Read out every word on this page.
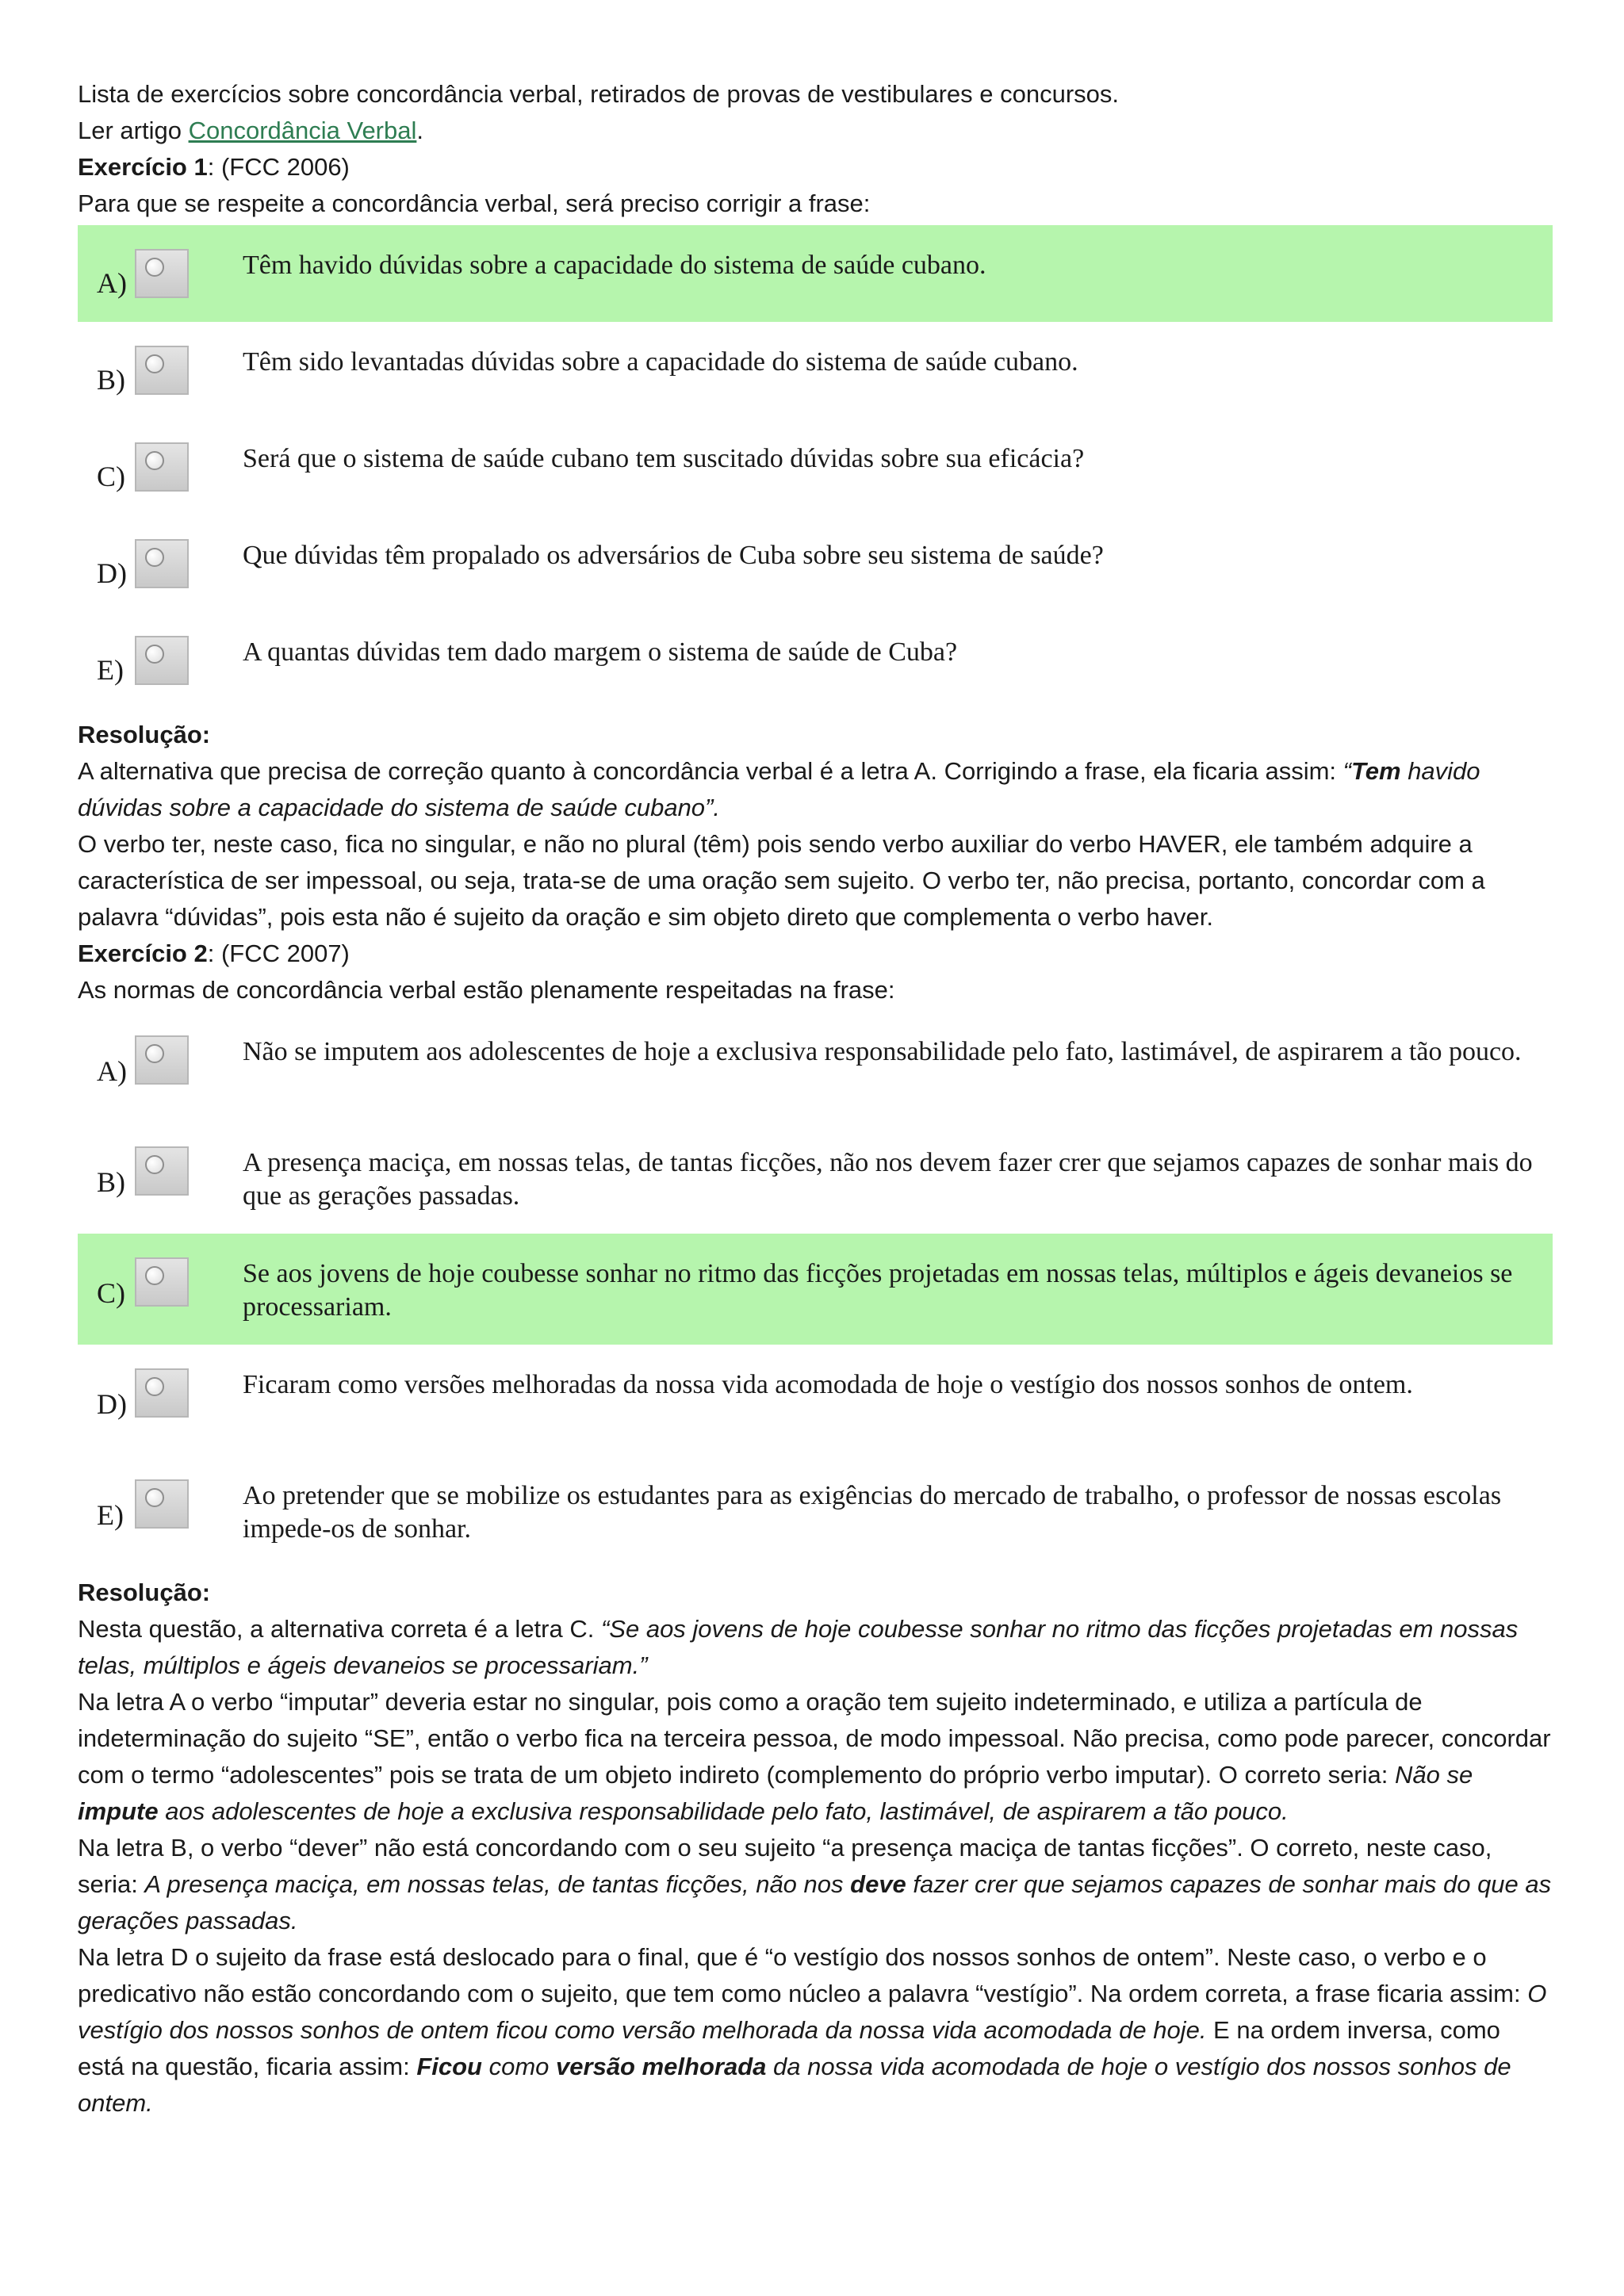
Lista de exercícios sobre concordância verbal, retirados de provas de vestibulares e concursos.

Ler artigo Concordância Verbal.

Exercício 1: (FCC 2006)

Para que se respeite a concordância verbal, será preciso corrigir a frase:

A)
Têm havido dúvidas sobre a capacidade do sistema de saúde cubano.
B)
Têm sido levantadas dúvidas sobre a capacidade do sistema de saúde cubano.
C)
Será que o sistema de saúde cubano tem suscitado dúvidas sobre sua eficácia?
D)
Que dúvidas têm propalado os adversários de Cuba sobre seu sistema de saúde?
E)
A quantas dúvidas tem dado margem o sistema de saúde de Cuba?

Resolução:

A alternativa que precisa de correção quanto à concordância verbal é a letra A. Corrigindo a frase, ela ficaria assim: “Tem havido dúvidas sobre a capacidade do sistema de saúde cubano”.

O verbo ter, neste caso, fica no singular, e não no plural (têm) pois sendo verbo auxiliar do verbo HAVER, ele também adquire a característica de ser impessoal, ou seja, trata-se de uma oração sem sujeito. O verbo ter, não precisa, portanto, concordar com a palavra “dúvidas”, pois esta não é sujeito da oração e sim objeto direto que complementa o verbo haver.

Exercício 2: (FCC 2007)

As normas de concordância verbal estão plenamente respeitadas na frase:

A)
Não se imputem aos adolescentes de hoje a exclusiva responsabilidade pelo fato, lastimável, de aspirarem a tão pouco.
B)
A presença maciça, em nossas telas, de tantas ficções, não nos devem fazer crer que sejamos capazes de sonhar mais do que as gerações passadas.
C)
Se aos jovens de hoje coubesse sonhar no ritmo das ficções projetadas em nossas telas, múltiplos e ágeis devaneios se processariam.
D)
Ficaram como versões melhoradas da nossa vida acomodada de hoje o vestígio dos nossos sonhos de ontem.
E)
Ao pretender que se mobilize os estudantes para as exigências do mercado de trabalho, o professor de nossas escolas impede-os de sonhar.

Resolução:

Nesta questão, a alternativa correta é a letra C. “Se aos jovens de hoje coubesse sonhar no ritmo das ficções projetadas em nossas telas, múltiplos e ágeis devaneios se processariam.”

Na letra A o verbo “imputar” deveria estar no singular, pois como a oração tem sujeito indeterminado, e utiliza a partícula de indeterminação do sujeito “SE”, então o verbo fica na terceira pessoa, de modo impessoal. Não precisa, como pode parecer, concordar com o termo “adolescentes” pois se trata de um objeto indireto (complemento do próprio verbo imputar). O correto seria: Não se impute aos adolescentes de hoje a exclusiva responsabilidade pelo fato, lastimável, de aspirarem a tão pouco.

Na letra B, o verbo “dever” não está concordando com o seu sujeito “a presença maciça de tantas ficções”. O correto, neste caso, seria: A presença maciça, em nossas telas, de tantas ficções, não nos deve fazer crer que sejamos capazes de sonhar mais do que as gerações passadas.

Na letra D o sujeito da frase está deslocado para o final, que é “o vestígio dos nossos sonhos de ontem”. Neste caso, o verbo e o predicativo não estão concordando com o sujeito, que tem como núcleo a palavra “vestígio”. Na ordem correta, a frase ficaria assim: O vestígio dos nossos sonhos de ontem ficou como versão melhorada da nossa vida acomodada de hoje. E na ordem inversa, como está na questão, ficaria assim: Ficou como versão melhorada da nossa vida acomodada de hoje o vestígio dos nossos sonhos de ontem.
